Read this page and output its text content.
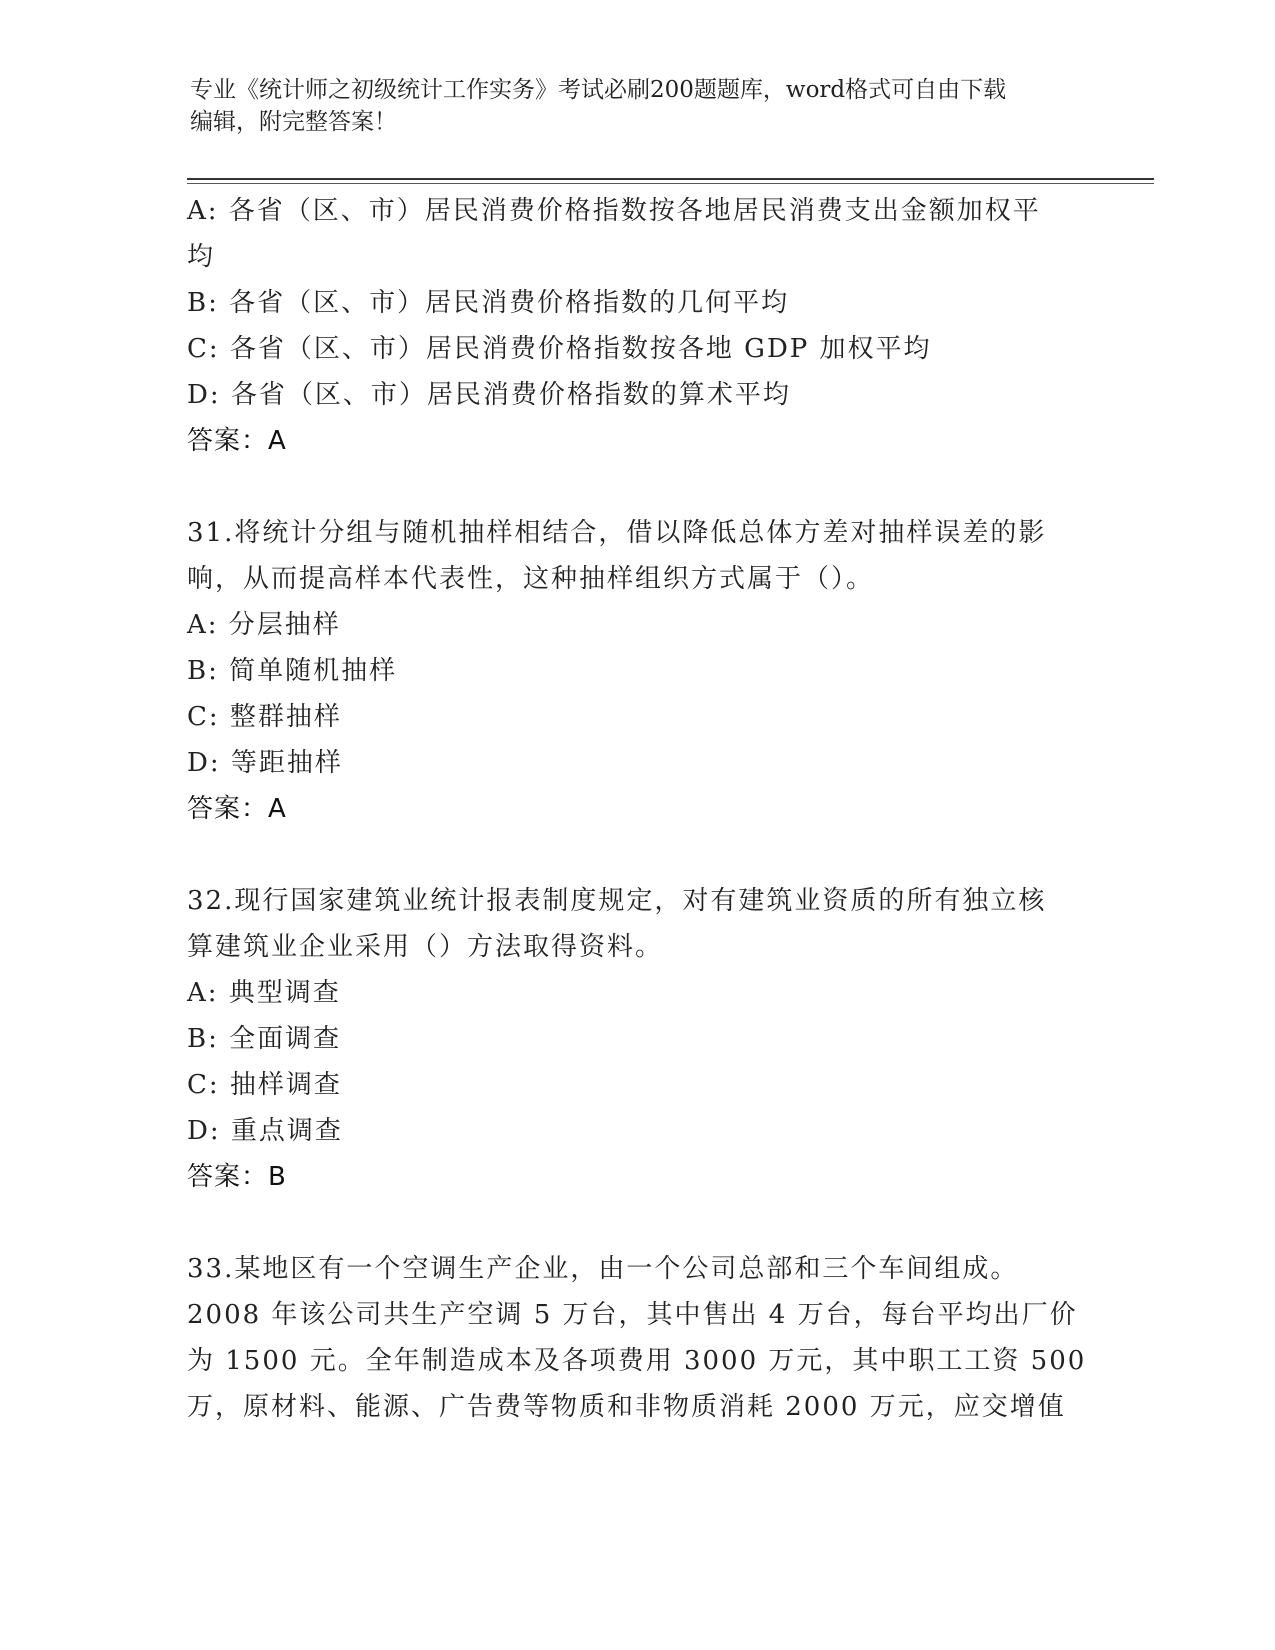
专业《统计师之初级统计工作实务》考试必刷200题题库，word格式可自由下载
编辑，附完整答案！
A: 各省（区、市）居民消费价格指数按各地居民消费支出金额加权平
均
B: 各省（区、市）居民消费价格指数的几何平均
C: 各省（区、市）居民消费价格指数按各地 GDP 加权平均
D: 各省（区、市）居民消费价格指数的算术平均
答案：A
31.将统计分组与随机抽样相结合，借以降低总体方差对抽样误差的影
响，从而提高样本代表性，这种抽样组织方式属于（）。
A: 分层抽样
B: 简单随机抽样
C: 整群抽样
D: 等距抽样
答案：A
32.现行国家建筑业统计报表制度规定，对有建筑业资质的所有独立核
算建筑业企业采用（）方法取得资料。
A: 典型调查
B: 全面调查
C: 抽样调查
D: 重点调查
答案：B
33.某地区有一个空调生产企业，由一个公司总部和三个车间组成。
2008 年该公司共生产空调 5 万台，其中售出 4 万台，每台平均出厂价
为 1500 元。全年制造成本及各项费用 3000 万元，其中职工工资 500
万，原材料、能源、广告费等物质和非物质消耗 2000 万元，应交增值
